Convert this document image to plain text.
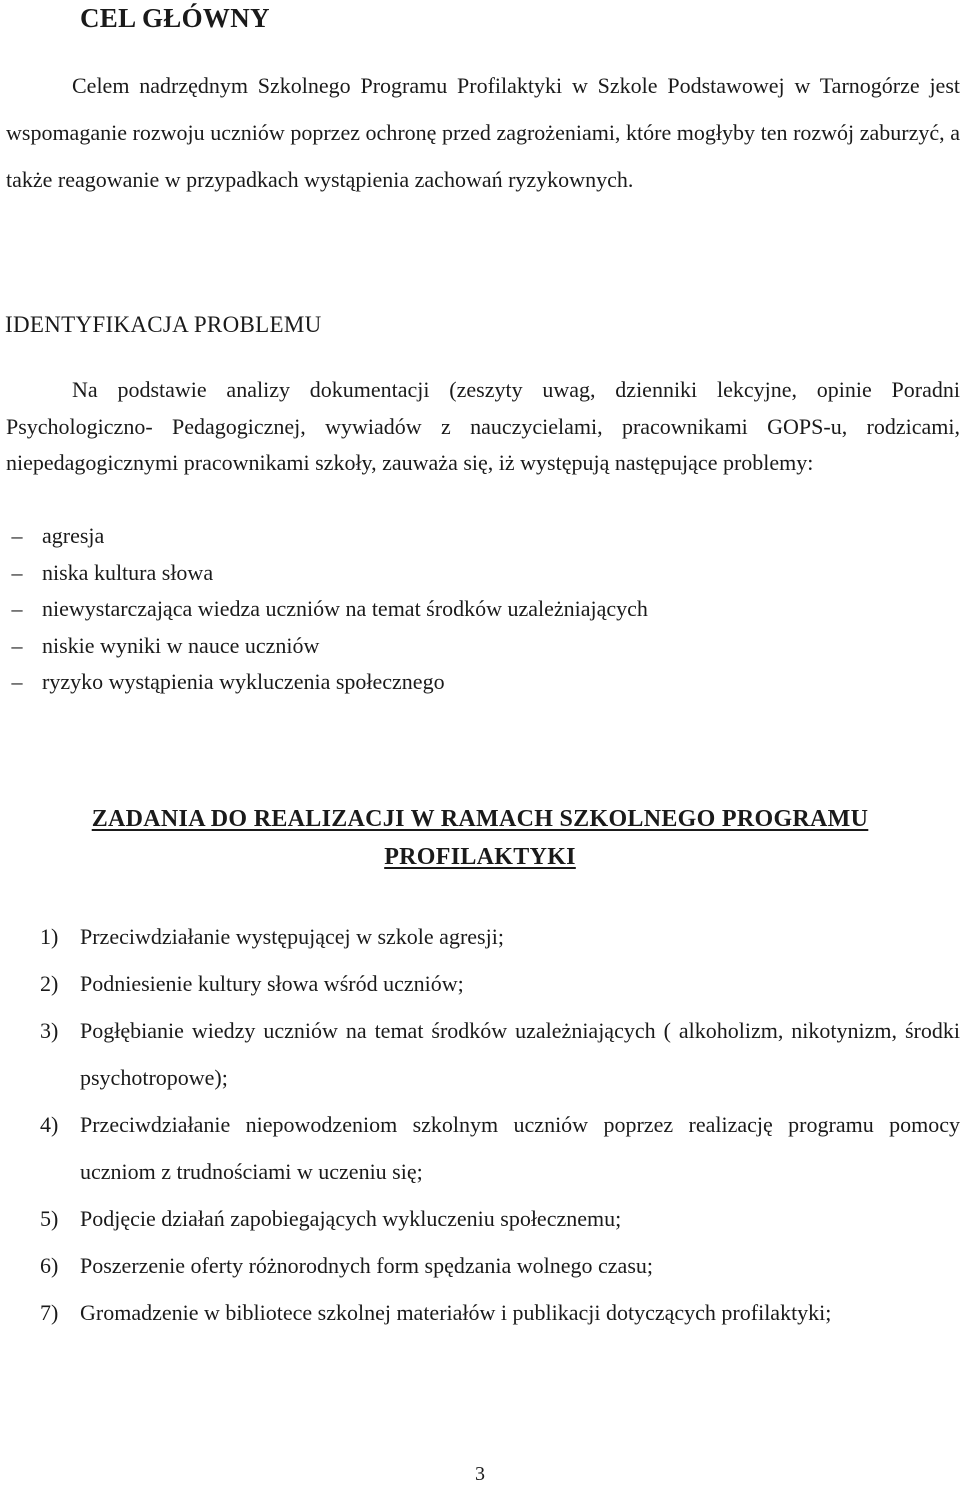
CEL GŁÓWNY

Celem nadrzędnym Szkolnego Programu Profilaktyki w Szkole Podstawowej w Tarnogórze jest wspomaganie rozwoju uczniów poprzez ochronę przed zagrożeniami, które mogłyby ten rozwój zaburzyć, a także reagowanie w przypadkach wystąpienia zachowań ryzykownych.

IDENTYFIKACJA PROBLEMU

Na podstawie analizy dokumentacji (zeszyty uwag, dzienniki lekcyjne, opinie Poradni Psychologiczno- Pedagogicznej, wywiadów z nauczycielami, pracownikami GOPS-u, rodzicami, niepedagogicznymi pracownikami szkoły, zauważa się, iż występują następujące problemy:

– agresja
– niska kultura słowa
– niewystarczająca wiedza uczniów na temat środków uzależniających
– niskie wyniki w nauce uczniów
– ryzyko wystąpienia wykluczenia społecznego
ZADANIA DO REALIZACJI W RAMACH SZKOLNEGO PROGRAMU
PROFILAKTYKI
1) Przeciwdziałanie występującej w szkole agresji;
2) Podniesienie kultury słowa wśród uczniów;
3) Pogłębianie wiedzy uczniów na temat środków uzależniających ( alkoholizm, nikotynizm, środki psychotropowe);
4) Przeciwdziałanie niepowodzeniom szkolnym uczniów poprzez realizację programu pomocy uczniom z trudnościami w uczeniu się;
5) Podjęcie działań zapobiegających wykluczeniu społecznemu;
6) Poszerzenie oferty różnorodnych form spędzania wolnego czasu;
7) Gromadzenie w bibliotece szkolnej materiałów i publikacji dotyczących profilaktyki;
3
